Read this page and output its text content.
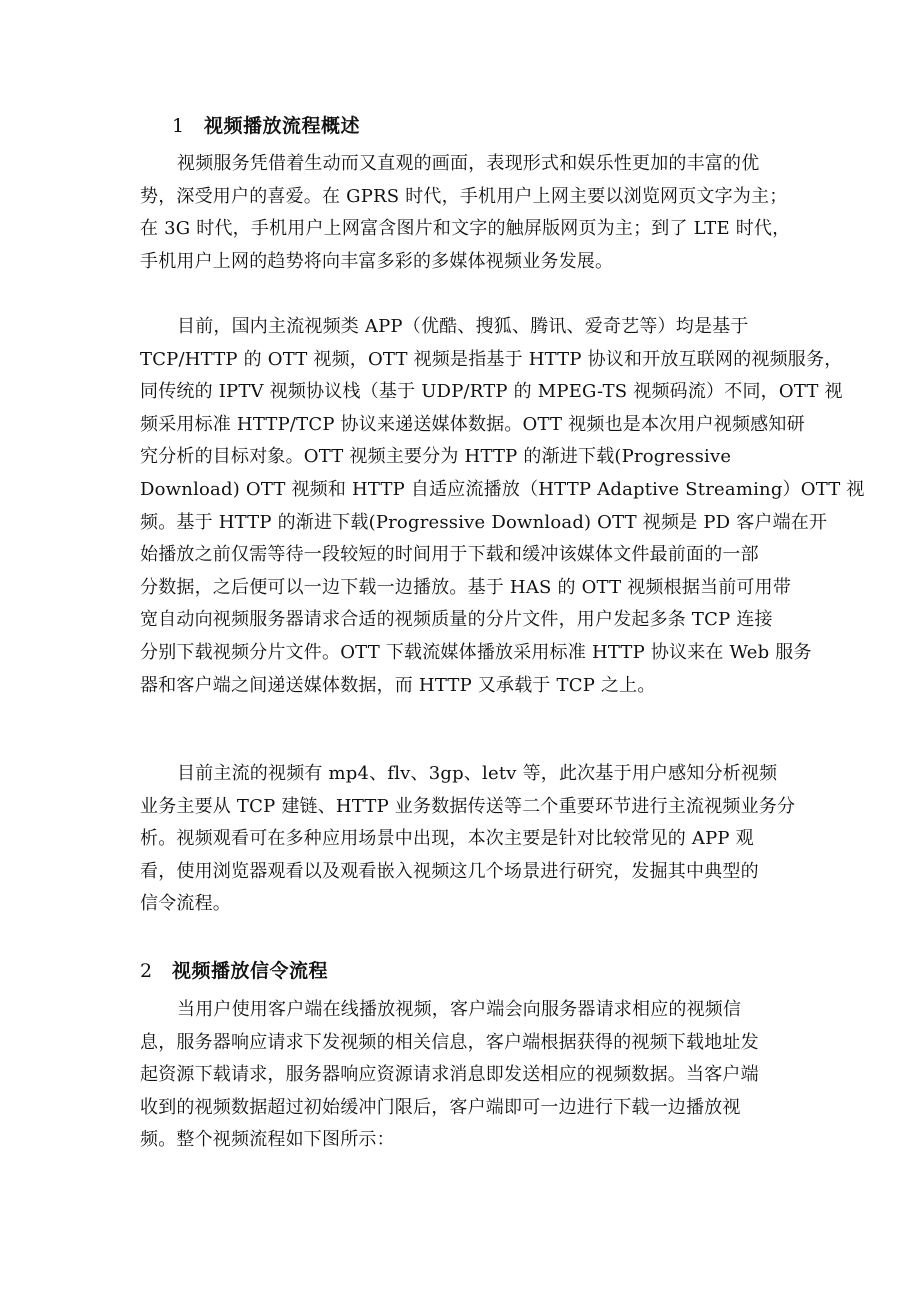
1 视频播放流程概述
视频服务凭借着生动而又直观的画面，表现形式和娱乐性更加的丰富的优
势，深受用户的喜爱。在 GPRS 时代，手机用户上网主要以浏览网页文字为主；
在 3G 时代，手机用户上网富含图片和文字的触屏版网页为主；到了 LTE 时代，
手机用户上网的趋势将向丰富多彩的多媒体视频业务发展。
目前，国内主流视频类 APP（优酷、搜狐、腾讯、爱奇艺等）均是基于
TCP/HTTP 的 OTT 视频，OTT 视频是指基于 HTTP 协议和开放互联网的视频服务，
同传统的 IPTV 视频协议栈（基于 UDP/RTP 的 MPEG-TS 视频码流）不同，OTT 视
频采用标准 HTTP/TCP 协议来递送媒体数据。OTT 视频也是本次用户视频感知研
究分析的目标对象。OTT 视频主要分为 HTTP 的渐进下载(Progressive
Download) OTT 视频和 HTTP 自适应流播放（HTTP Adaptive Streaming）OTT 视
频。基于 HTTP 的渐进下载(Progressive Download) OTT 视频是 PD 客户端在开
始播放之前仅需等待一段较短的时间用于下载和缓冲该媒体文件最前面的一部
分数据，之后便可以一边下载一边播放。基于 HAS 的 OTT 视频根据当前可用带
宽自动向视频服务器请求合适的视频质量的分片文件，用户发起多条 TCP 连接
分别下载视频分片文件。OTT 下载流媒体播放采用标准 HTTP 协议来在 Web 服务
器和客户端之间递送媒体数据，而 HTTP 又承载于 TCP 之上。
目前主流的视频有 mp4、flv、3gp、letv 等，此次基于用户感知分析视频
业务主要从 TCP 建链、HTTP 业务数据传送等二个重要环节进行主流视频业务分
析。视频观看可在多种应用场景中出现，本次主要是针对比较常见的 APP 观
看，使用浏览器观看以及观看嵌入视频这几个场景进行研究，发掘其中典型的
信令流程。
2 视频播放信令流程
当用户使用客户端在线播放视频，客户端会向服务器请求相应的视频信
息，服务器响应请求下发视频的相关信息，客户端根据获得的视频下载地址发
起资源下载请求，服务器响应资源请求消息即发送相应的视频数据。当客户端
收到的视频数据超过初始缓冲门限后，客户端即可一边进行下载一边播放视
频。整个视频流程如下图所示：
